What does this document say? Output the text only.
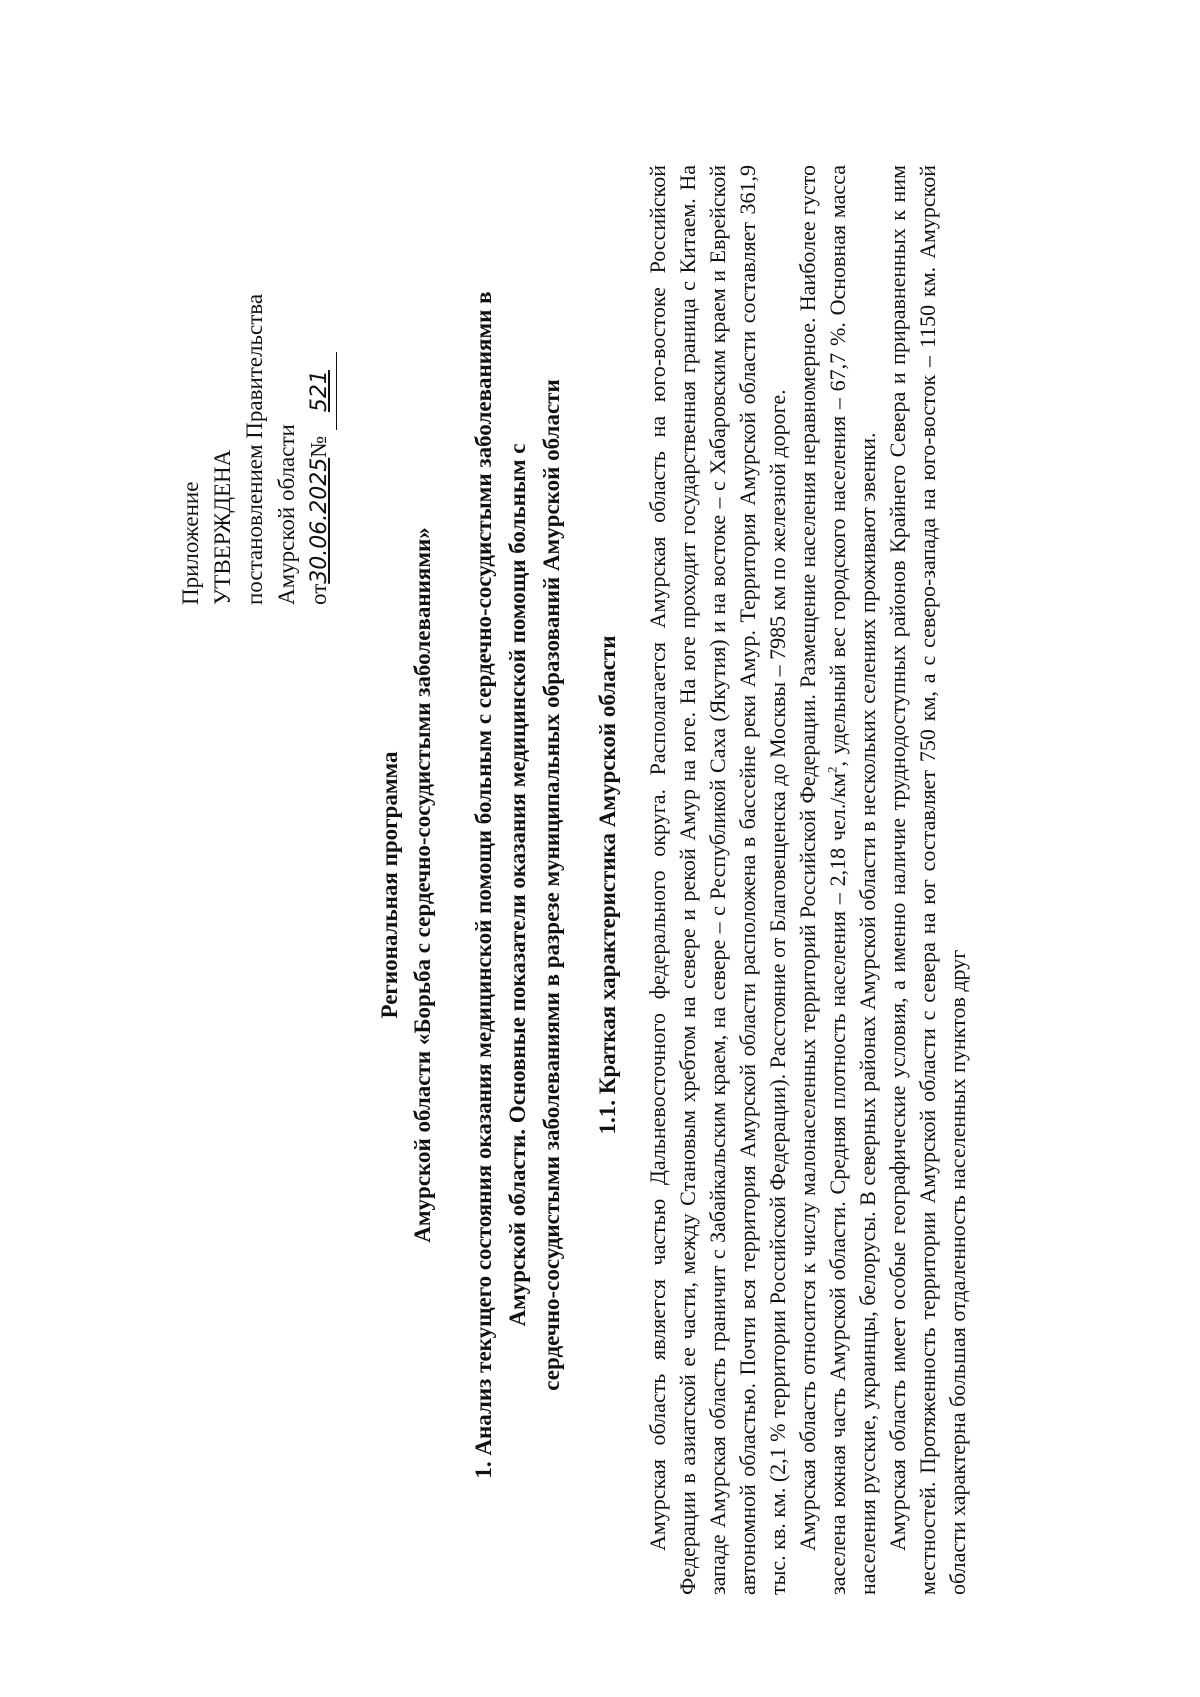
Приложение УТВЕРЖДЕНА постановлением Правительства Амурской области от30.06.2025№ 521
Региональная программа Амурской области «Борьба с сердечно-сосудистыми заболеваниями» 1. Анализ текущего состояния оказания медицинской помощи больным с сердечно-сосудистыми заболеваниями в Амурской области. Основные показатели оказания медицинской помощи больным с сердечно-сосудистыми заболеваниями в разрезе муниципальных образований Амурской области 1.1. Краткая характеристика Амурской области Амурская область является частью Дальневосточного федерального округа. Располагается Амурская область на юго-востоке Российской Федерации в азиатской ее части, между Становым хребтом на севере и рекой Амур на юге. На юге проходит государственная граница с Китаем. На западе Амурская область граничит с Забайкальским краем, на севере – с Республикой Саха (Якутия) и на востоке – с Хабаровским краем и Еврейской автономной областью. Почти вся территория Амурской области расположена в бассейне реки Амур. Территория Амурской области составляет 361,9 тыс. кв. км. (2,1 % территории Российской Федерации). Расстояние от Благовещенска до Москвы – 7985 км по железной дороге. Амурская область относится к числу малонаселенных территорий Российской Федерации. Размещение населения неравномерное. Наиболее густо заселена южная часть Амурской области. Средняя плотность населения – 2,18 $чел./км^2$, удельный вес городского населения – 67,7 %. Основная масса населения русские, украинцы, белорусы. В северных районах Амурской области в нескольких селениях проживают эвенки. Амурская область имеет особые географические условия, а именно наличие труднодоступных районов Крайнего Севера и приравненных к ним местностей. Протяженность территории Амурской области с севера на юг составляет 750 км, а с северо-запада на юго-восток – 1150 км. Амурской области характерна большая отдаленность населенных пунктов друг
